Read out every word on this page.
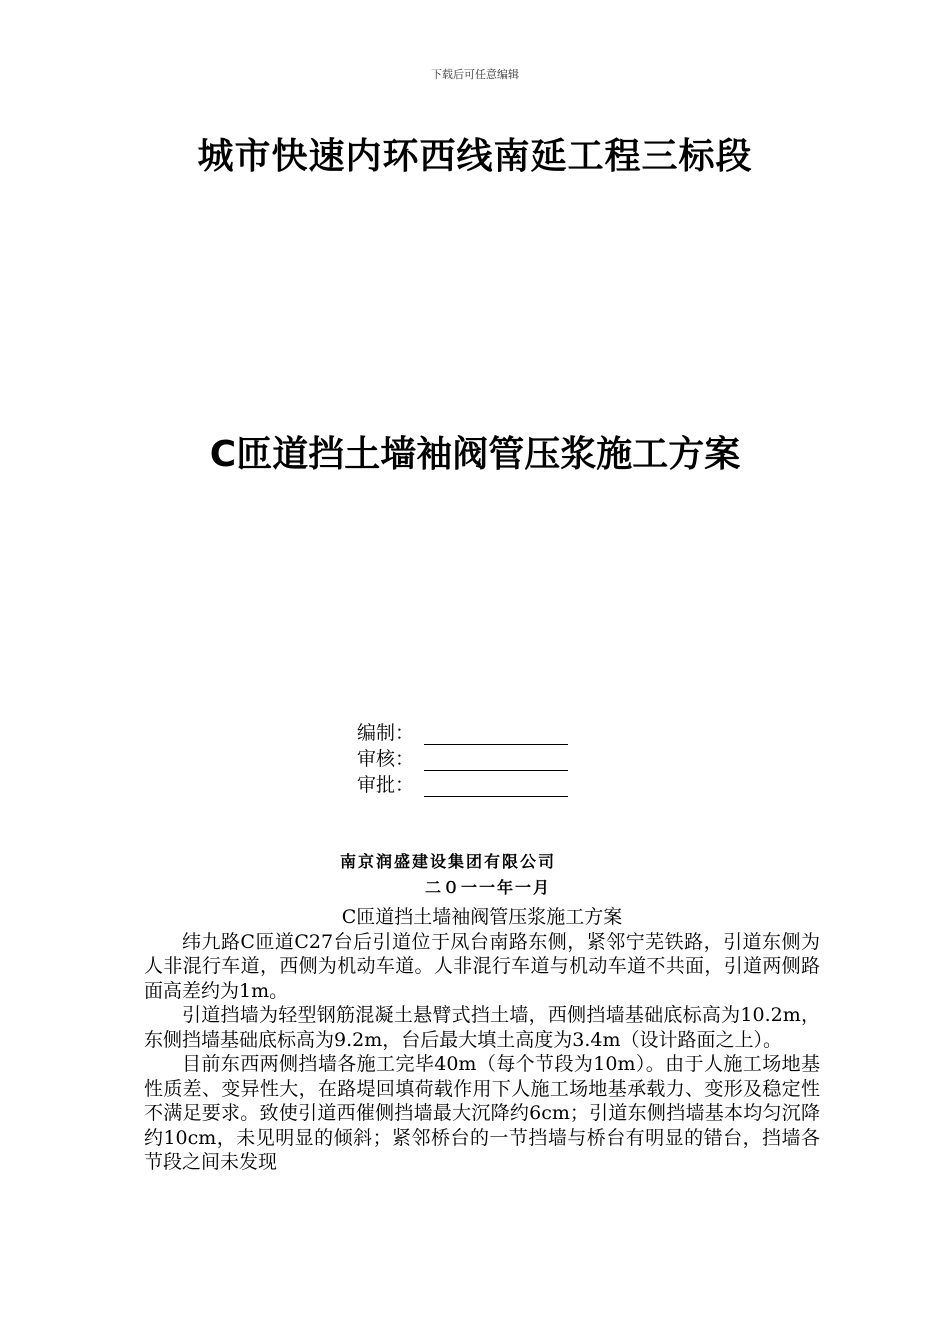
下载后可任意编辑
城市快速内环西线南延工程三标段
C匝道挡土墙袖阀管压浆施工方案
编制：
审核：
审批：
南京润盛建设集团有限公司
二０一一年一月
C匝道挡土墙袖阀管压浆施工方案

纬九路C匝道C27台后引道位于凤台南路东侧，紧邻宁芜铁路，引道东侧为人非混行车道，西侧为机动车道。人非混行车道与机动车道不共面，引道两侧路面高差约为1m。

引道挡墙为轻型钢筋混凝土悬臂式挡土墙，西侧挡墙基础底标高为10.2m，东侧挡墙基础底标高为9.2m，台后最大填土高度为3.4m（设计路面之上）。

目前东西两侧挡墙各施工完毕40m（每个节段为10m）。由于人施工场地基性质差、变异性大，在路堤回填荷载作用下人施工场地基承载力、变形及稳定性不满足要求。致使引道西催侧挡墙最大沉降约6cm；引道东侧挡墙基本均匀沉降约10cm，未见明显的倾斜；紧邻桥台的一节挡墙与桥台有明显的错台，挡墙各节段之间未发现
